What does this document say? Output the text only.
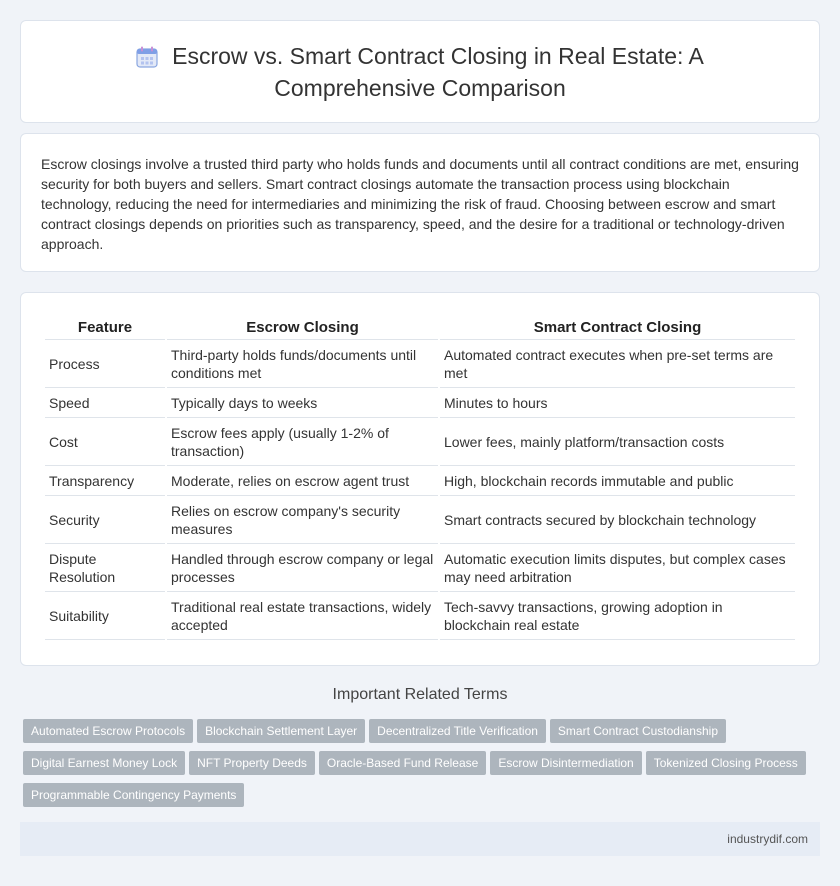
Escrow vs. Smart Contract Closing in Real Estate: A Comprehensive Comparison
Escrow closings involve a trusted third party who holds funds and documents until all contract conditions are met, ensuring security for both buyers and sellers. Smart contract closings automate the transaction process using blockchain technology, reducing the need for intermediaries and minimizing the risk of fraud. Choosing between escrow and smart contract closings depends on priorities such as transparency, speed, and the desire for a traditional or technology-driven approach.
Feature	Escrow Closing	Smart Contract Closing
Process	Third-party holds funds/documents until conditions met	Automated contract executes when pre-set terms are met
Speed	Typically days to weeks	Minutes to hours
Cost	Escrow fees apply (usually 1-2% of transaction)	Lower fees, mainly platform/transaction costs
Transparency	Moderate, relies on escrow agent trust	High, blockchain records immutable and public
Security	Relies on escrow company's security measures	Smart contracts secured by blockchain technology
Dispute Resolution	Handled through escrow company or legal processes	Automatic execution limits disputes, but complex cases may need arbitration
Suitability	Traditional real estate transactions, widely accepted	Tech-savvy transactions, growing adoption in blockchain real estate
Important Related Terms
Automated Escrow Protocols Blockchain Settlement Layer Decentralized Title Verification Smart Contract Custodianship
Digital Earnest Money Lock NFT Property Deeds Oracle-Based Fund Release Escrow Disintermediation Tokenized Closing Process
Programmable Contingency Payments
industrydif.com
